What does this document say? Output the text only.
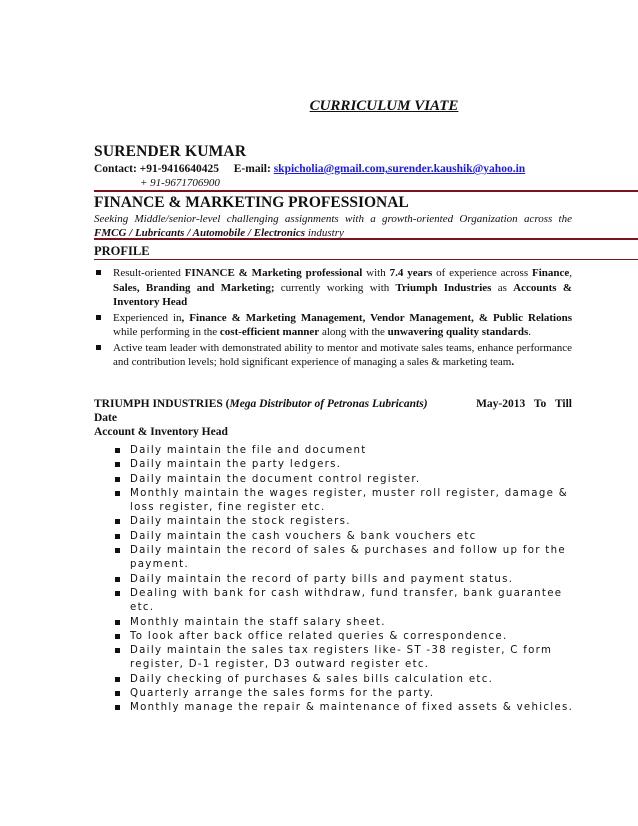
CURRICULUM VIATE
SURENDER KUMAR
Contact: +91-9416640425 E-mail: skpicholia@gmail.com,surender.kaushik@yahoo.in
+ 91-9671706900
FINANCE & MARKETING PROFESSIONAL
Seeking Middle/senior-level challenging assignments with a growth-oriented Organization across the FMCG / Lubricants / Automobile / Electronics industry
PROFILE
Result-oriented FINANCE & Marketing professional with 7.4 years of experience across Finance, Sales, Branding and Marketing; currently working with Triumph Industries as Accounts & Inventory Head
Experienced in, Finance & Marketing Management, Vendor Management, & Public Relations while performing in the cost-efficient manner along with the unwavering quality standards.
Active team leader with demonstrated ability to mentor and motivate sales teams, enhance performance and contribution levels; hold significant experience of managing a sales & marketing team.
TRIUMPH INDUSTRIES (Mega Distributor of Petronas Lubricants)	May-2013 To Till
Date
Account & Inventory Head
Daily maintain the file and document
Daily maintain the party ledgers.
Daily maintain the document control register.
Monthly maintain the wages register, muster roll register, damage & loss register, fine register etc.
Daily maintain the stock registers.
Daily maintain the cash vouchers & bank vouchers etc
Daily maintain the record of sales & purchases and follow up for the payment.
Daily maintain the record of party bills and payment status.
Dealing with bank for cash withdraw, fund transfer, bank guarantee etc.
Monthly maintain the staff salary sheet.
To look after back office related queries & correspondence.
Daily maintain the sales tax registers like- ST -38 register, C form register, D-1 register, D3 outward register etc.
Daily checking of purchases & sales bills calculation etc.
Quarterly arrange the sales forms for the party.
Monthly manage the repair & maintenance of fixed assets & vehicles.
